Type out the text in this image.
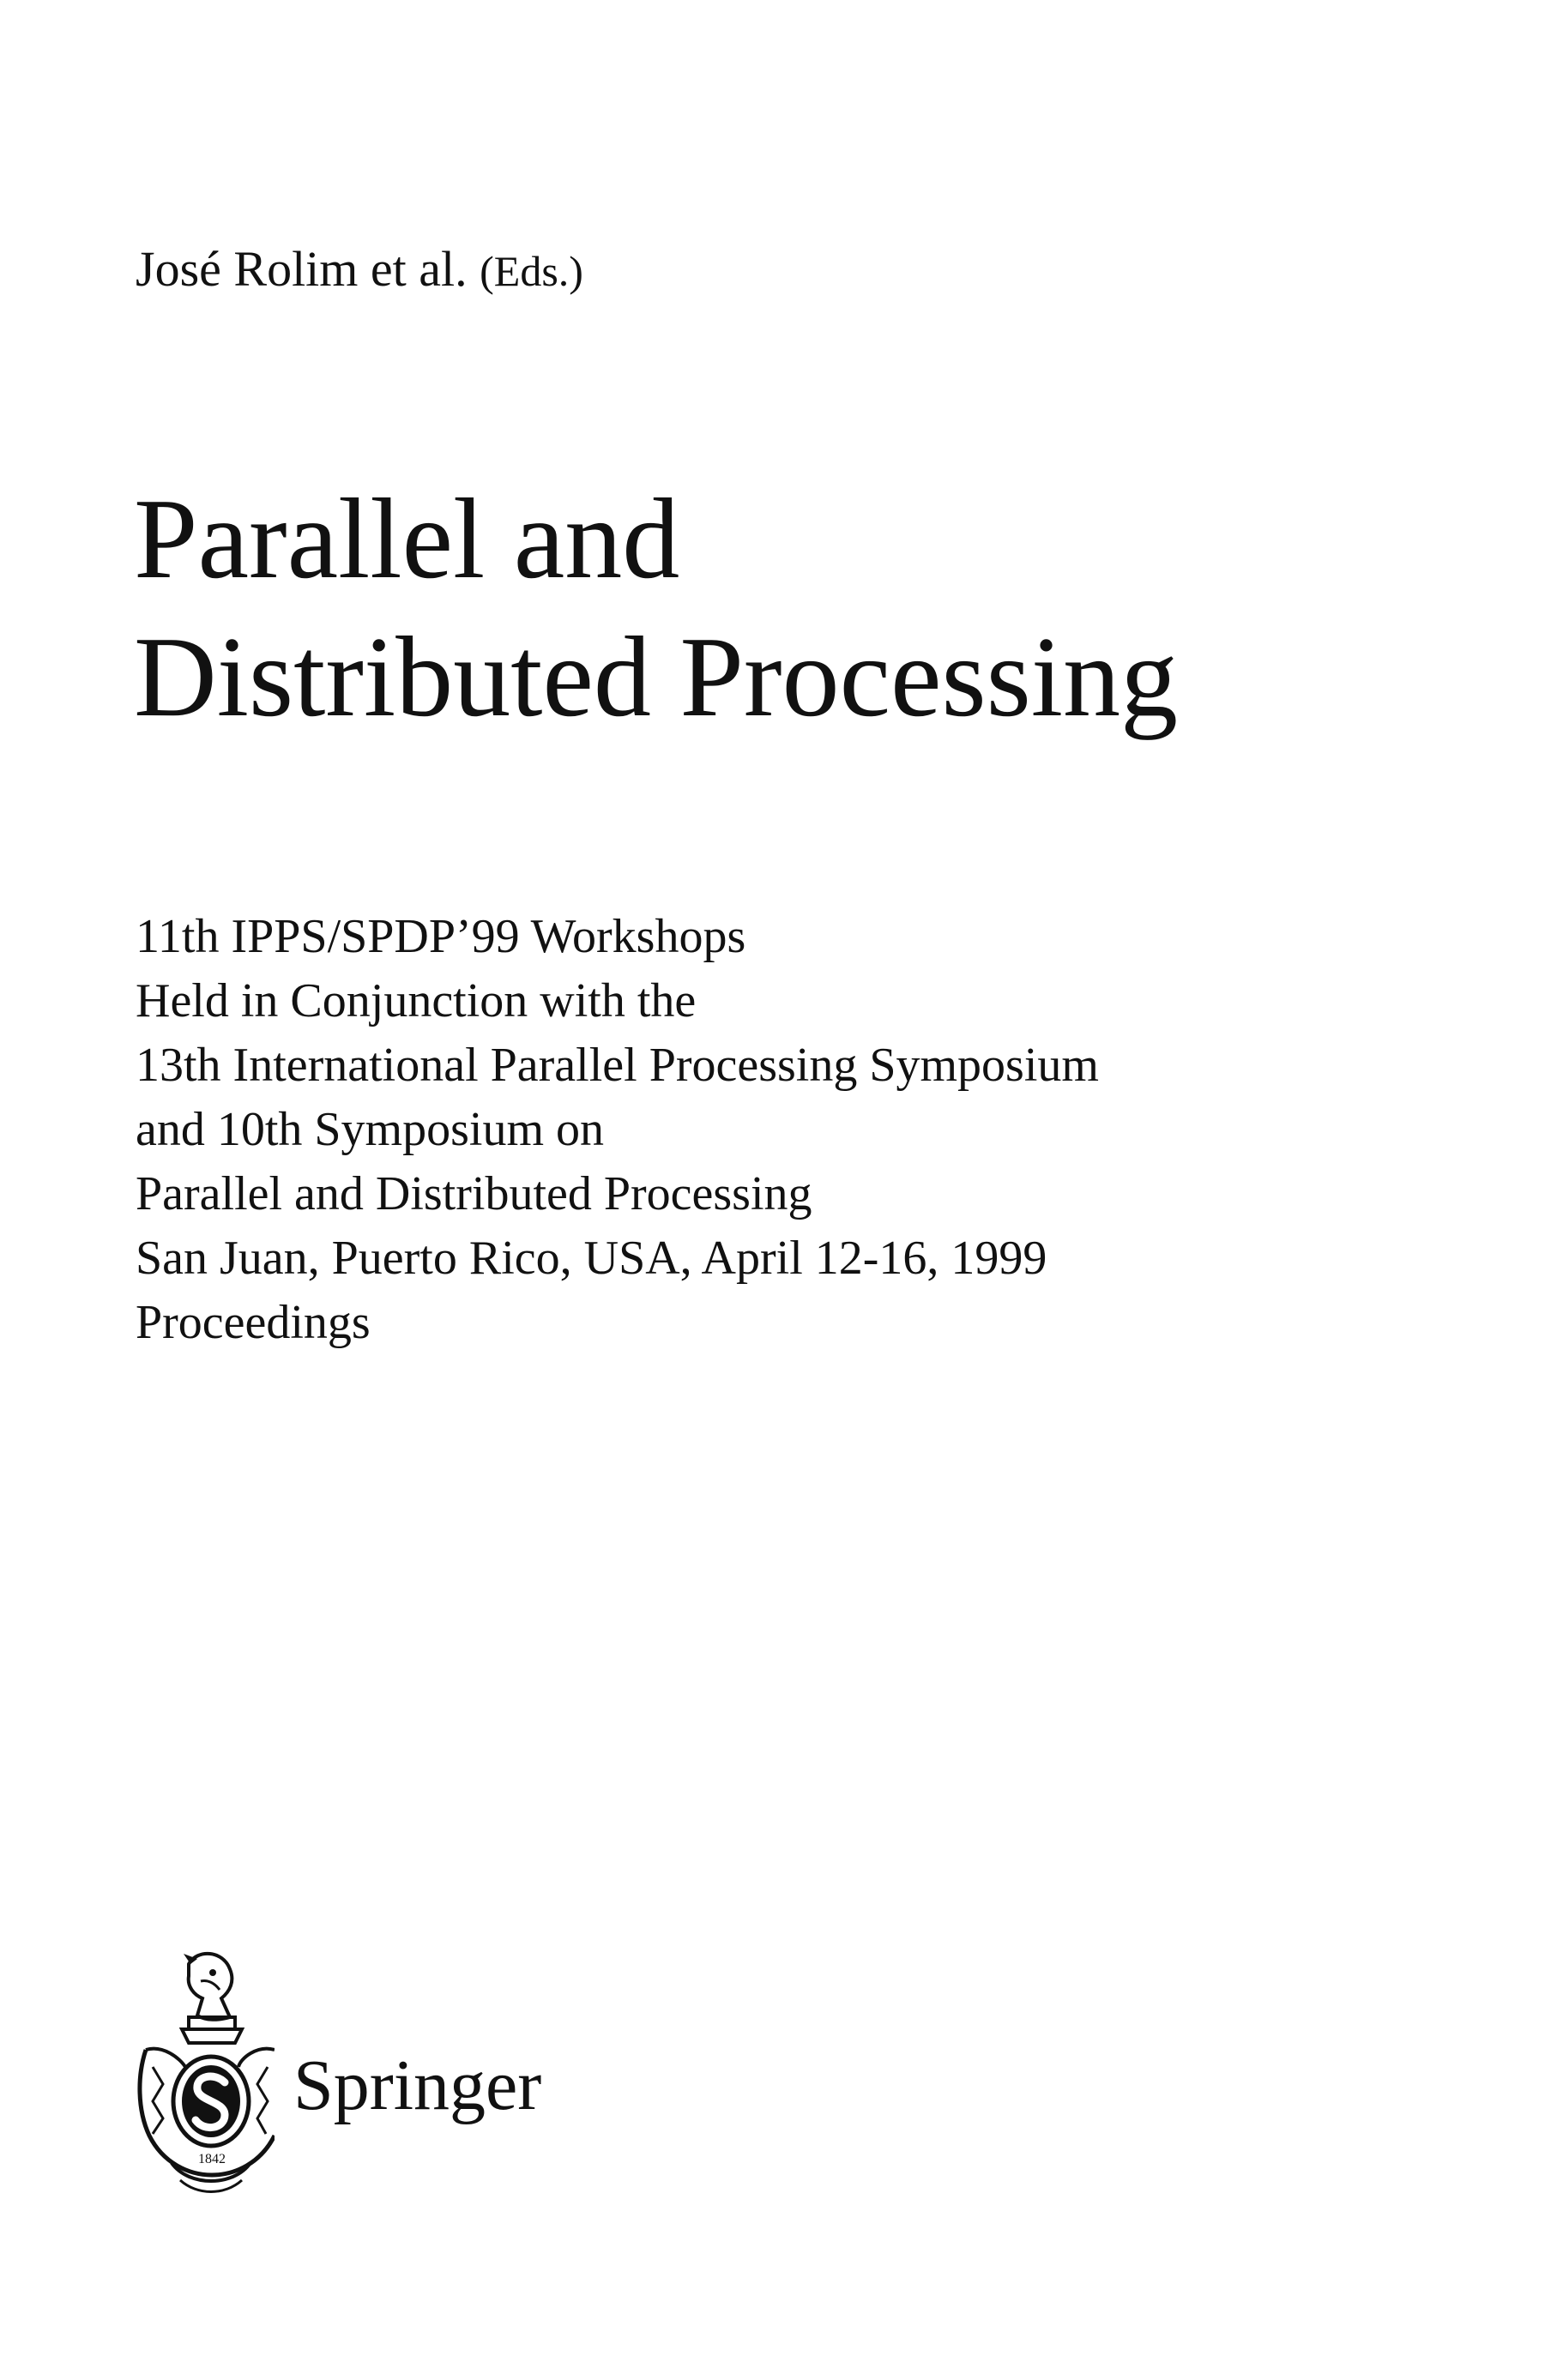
José Rolim et al. (Eds.)
Parallel and
Distributed Processing
11th IPPS/SPDP’99 Workshops
Held in Conjunction with the
13th International Parallel Processing Symposium
and 10th Symposium on
Parallel and Distributed Processing
San Juan, Puerto Rico, USA, April 12-16, 1999
Proceedings
1842
Springer
